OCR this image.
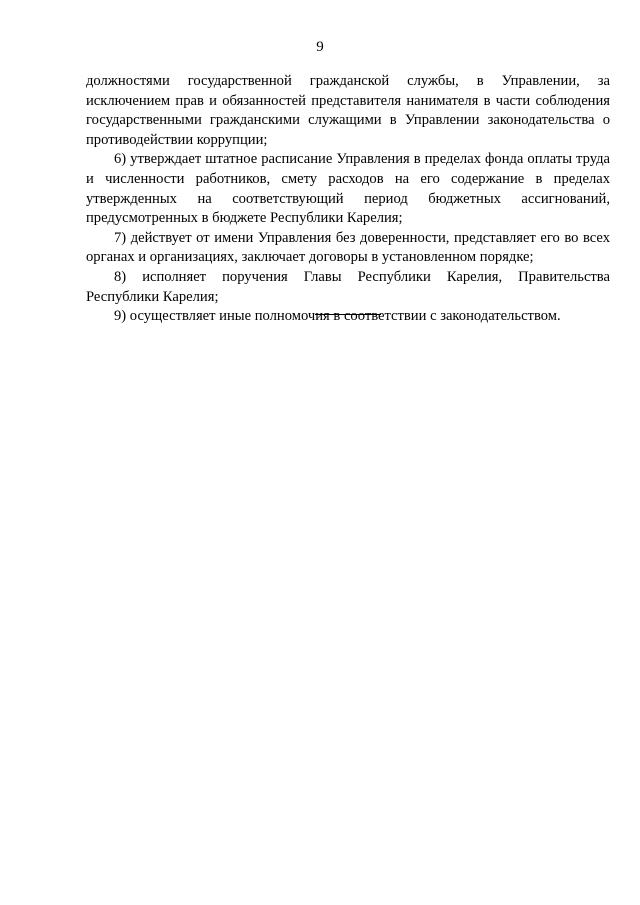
9

должностями государственной гражданской службы, в Управлении, за исключением прав и обязанностей представителя нанимателя в части соблюдения государственными гражданскими служащими в Управлении законодательства о противодействии коррупции;

6) утверждает штатное расписание Управления в пределах фонда оплаты труда и численности работников, смету расходов на его содержание в пределах утвержденных на соответствующий период бюджетных ассигнований, предусмотренных в бюджете Республики Карелия;

7) действует от имени Управления без доверенности, представляет его во всех органах и организациях, заключает договоры в установленном порядке;

8) исполняет поручения Главы Республики Карелия, Правительства Республики Карелия;

9) осуществляет иные полномочия в соответствии с законодательством.
